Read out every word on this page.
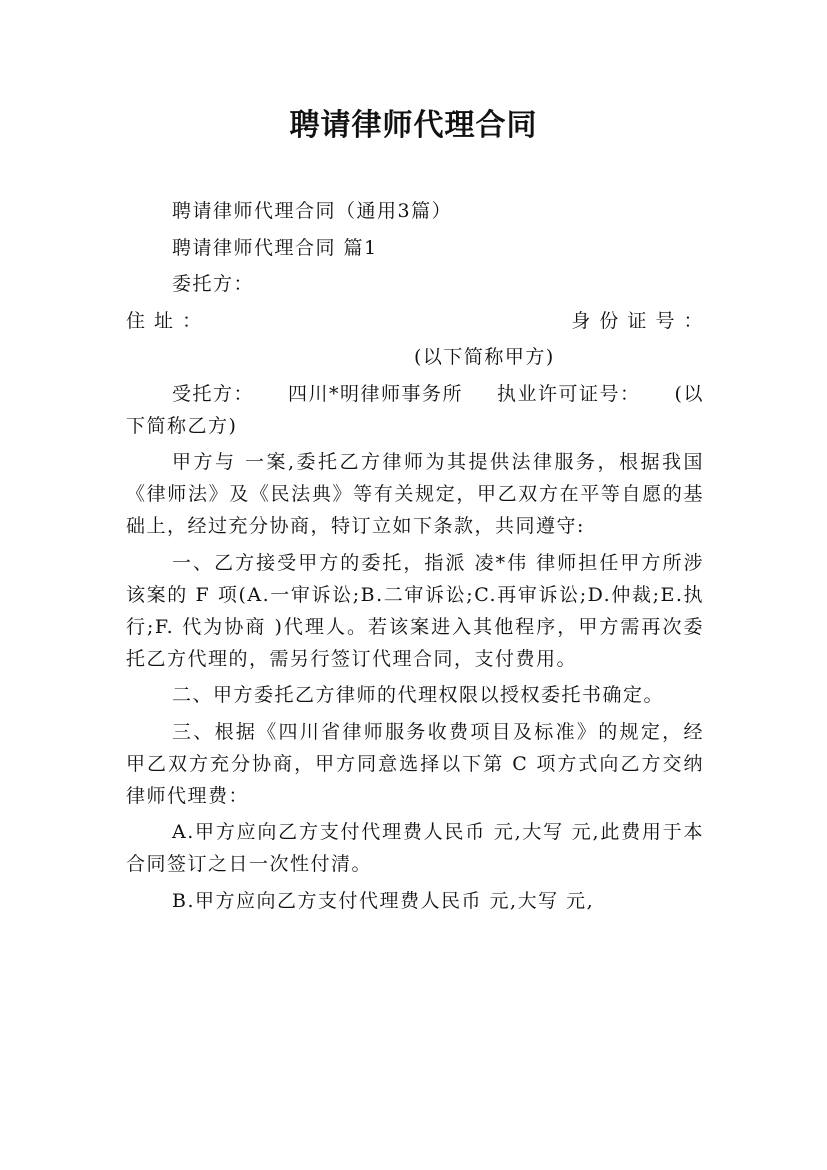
聘请律师代理合同

聘请律师代理合同（通用3篇）

聘请律师代理合同 篇1

委托方：

住 址 ：	身 份 证 号 ：

(以下简称甲方)

受托方： 四川*明律师事务所 执业许可证号： (以

下简称乙方)

甲方与 一案,委托乙方律师为其提供法律服务，根据我国《律师法》及《民法典》等有关规定，甲乙双方在平等自愿的基础上，经过充分协商，特订立如下条款，共同遵守:

一、乙方接受甲方的委托，指派 凌*伟 律师担任甲方所涉该案的 F 项(A.一审诉讼;B.二审诉讼;C.再审诉讼;D.仲裁;E.执行;F. 代为协商 )代理人。若该案进入其他程序，甲方需再次委托乙方代理的，需另行签订代理合同，支付费用。

二、甲方委托乙方律师的代理权限以授权委托书确定。

三、根据《四川省律师服务收费项目及标准》的规定，经甲乙双方充分协商，甲方同意选择以下第 C 项方式向乙方交纳律师代理费：

A.甲方应向乙方支付代理费人民币 元,大写 元,此费用于本合同签订之日一次性付清。

B.甲方应向乙方支付代理费人民币 元,大写 元,
